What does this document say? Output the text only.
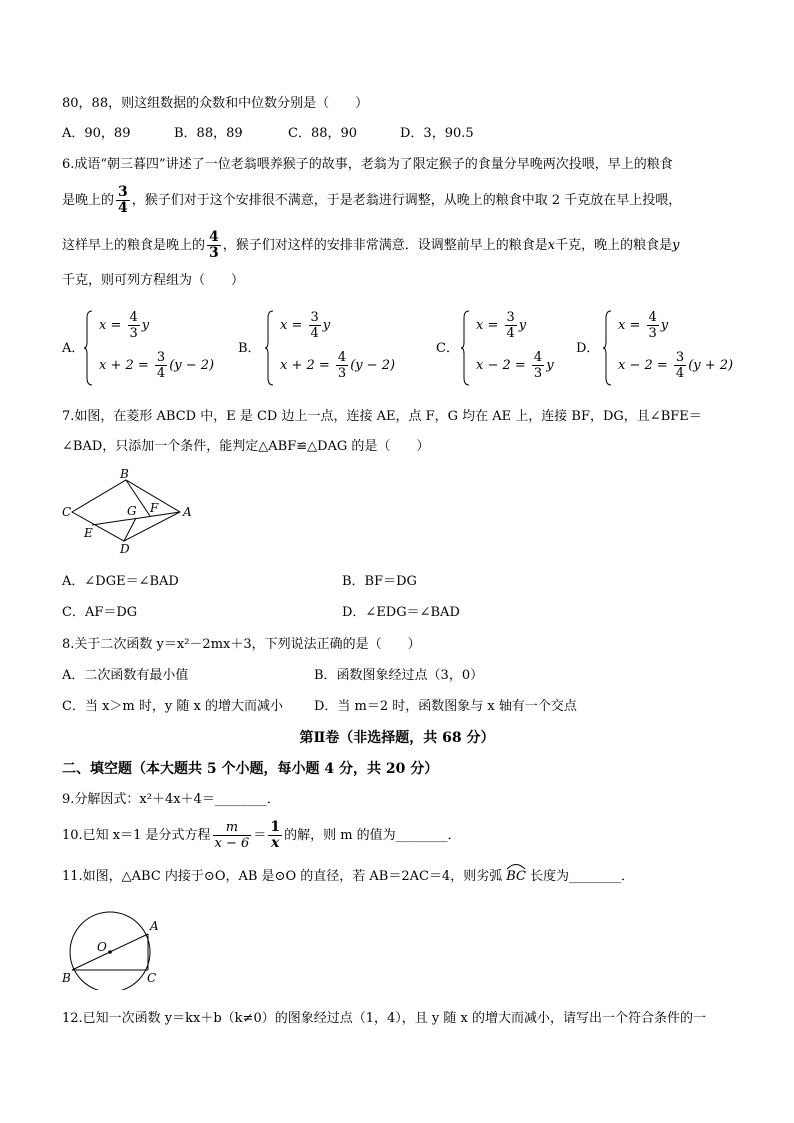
80，88，则这组数据的众数和中位数分别是（　　）
A．90，89	B．88，89	C．88，90	D．3，90.5
6.成语“朝三暮四”讲述了一位老翁喂养猴子的故事，老翁为了限定猴子的食量分早晚两次投喂，早上的粮食
是晚上的 $\frac{3}{4}$ ，猴子们对于这个安排很不满意，于是老翁进行调整，从晚上的粮食中取 2 千克放在早上投喂，
这样早上的粮食是晚上的 $\frac{4}{3}$ ，猴子们对这样的安排非常满意．设调整前早上的粮食是x千克，晚上的粮食是y
千克，则可列方程组为（　　）
A．
$x = \frac{4}{3}$ y
$x + 2 = \frac{3}{4} (y - 2)$
B．
$x = \frac{3}{4}$ y
$x + 2 = \frac{4}{3} (y - 2)$
C．
$x = \frac{3}{4}$ y
$x - 2 = \frac{4}{3}$ y
D．
$x = \frac{4}{3}$ y
$x - 2 = \frac{3}{4} (y + 2)$
7.如图，在菱形 ABCD 中，E 是 CD 边上一点，连接 AE，点 F，G 均在 AE 上，连接 BF，DG，且∠BFE＝
∠BAD，只添加一个条件，能判定△ABF≌△DAG 的是（　　）
B
C	A
D
E
F
G
A．∠DGE＝∠BAD	B．BF＝DG
C．AF＝DG	D．∠EDG＝∠BAD
8.关于二次函数 y＝x²－2mx＋3，下列说法正确的是（　　）
A．二次函数有最小值	B．函数图象经过点（3，0）
C．当 x＞m 时，y 随 x 的增大而减小 D．当 m＝2 时，函数图象与 x 轴有一个交点
第Ⅱ卷（非选择题，共 68 分）
二、填空题（本大题共 5 个小题，每小题 4 分，共 20 分）
9.分解因式：x²＋4x＋4＝________．
10.已知 x＝1 是分式方程 $\frac{m}{x - 6} = \frac{1}{x}$ 的解，则 m 的值为________．
11.如图，△ABC 内接于⊙O，AB 是⊙O 的直径，若 AB＝2AC＝4，则劣弧 BC 长度为________．
O
A
B	C
12.已知一次函数 y＝kx＋b（k≠0）的图象经过点（1，4），且 y 随 x 的增大而减小，请写出一个符合条件的一
